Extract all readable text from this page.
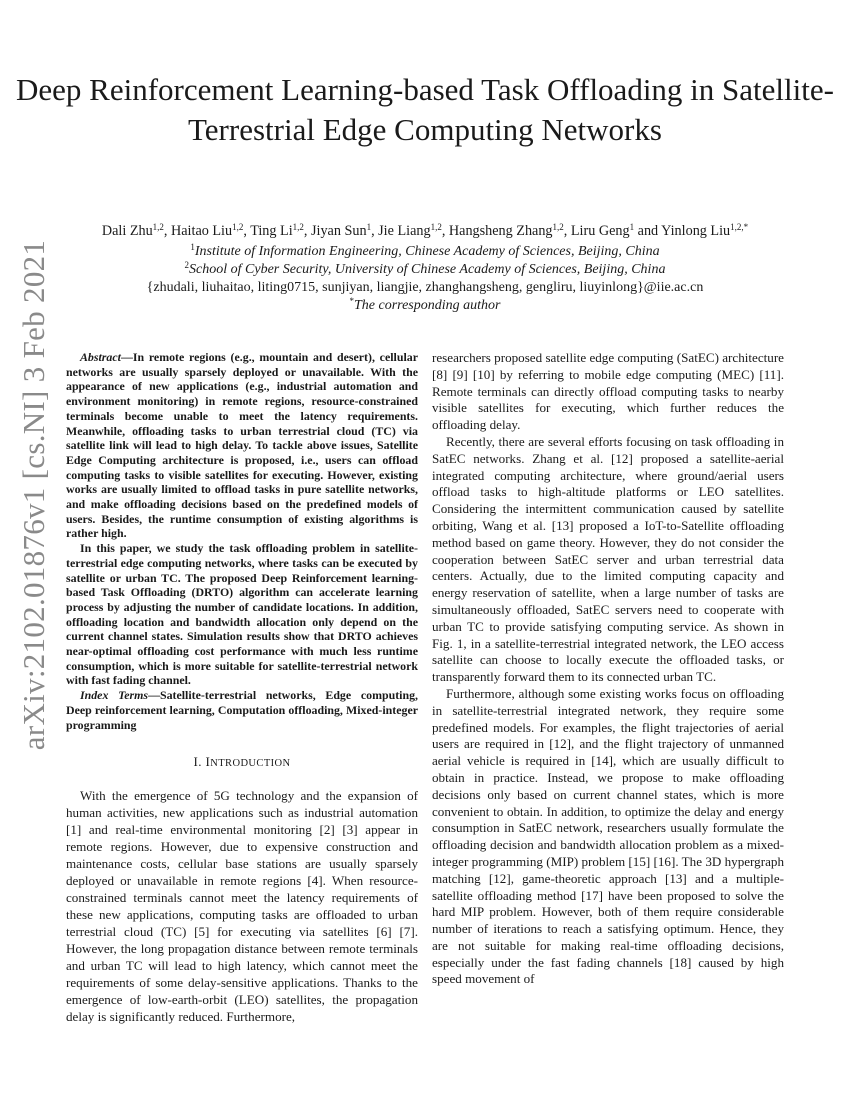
arXiv:2102.01876v1 [cs.NI] 3 Feb 2021
Deep Reinforcement Learning-based Task Offloading in Satellite-Terrestrial Edge Computing Networks
Dali Zhu$^{1,2}$, Haitao Liu$^{1,2}$, Ting Li$^{1,2}$, Jiyan Sun$^1$, Jie Liang$^{1,2}$, Hangsheng Zhang$^{1,2}$, Liru Geng$^1$ and Yinlong Liu$^{1,2,*}$
$^1$Institute of Information Engineering, Chinese Academy of Sciences, Beijing, China
$^2$School of Cyber Security, University of Chinese Academy of Sciences, Beijing, China
{zhudali, liuhaitao, liting0715, sunjiyan, liangjie, zhanghangsheng, gengliru, liuyinlong}@iie.ac.cn
*The corresponding author

Abstract—In remote regions (e.g., mountain and desert), cellular networks are usually sparsely deployed or unavailable. With the appearance of new applications (e.g., industrial automation and environment monitoring) in remote regions, resource-constrained terminals become unable to meet the latency requirements. Meanwhile, offloading tasks to urban terrestrial cloud (TC) via satellite link will lead to high delay. To tackle above issues, Satellite Edge Computing architecture is proposed, i.e., users can offload computing tasks to visible satellites for executing. However, existing works are usually limited to offload tasks in pure satellite networks, and make offloading decisions based on the predefined models of users. Besides, the runtime consumption of existing algorithms is rather high.

In this paper, we study the task offloading problem in satellite-terrestrial edge computing networks, where tasks can be executed by satellite or urban TC. The proposed Deep Reinforcement learning-based Task Offloading (DRTO) algorithm can accelerate learning process by adjusting the number of candidate locations. In addition, offloading location and bandwidth allocation only depend on the current channel states. Simulation results show that DRTO achieves near-optimal offloading cost performance with much less runtime consumption, which is more suitable for satellite-terrestrial network with fast fading channel.

Index Terms—Satellite-terrestrial networks, Edge computing, Deep reinforcement learning, Computation offloading, Mixed-integer programming

I. INTRODUCTION

With the emergence of 5G technology and the expansion of human activities, new applications such as industrial automation [1] and real-time environmental monitoring [2] [3] appear in remote regions. However, due to expensive construction and maintenance costs, cellular base stations are usually sparsely deployed or unavailable in remote regions [4]. When resource-constrained terminals cannot meet the latency requirements of these new applications, computing tasks are offloaded to urban terrestrial cloud (TC) [5] for executing via satellites [6] [7]. However, the long propagation distance between remote terminals and urban TC will lead to high latency, which cannot meet the requirements of some delay-sensitive applications. Thanks to the emergence of low-earth-orbit (LEO) satellites, the propagation delay is significantly reduced. Furthermore,

researchers proposed satellite edge computing (SatEC) architecture [8] [9] [10] by referring to mobile edge computing (MEC) [11]. Remote terminals can directly offload computing tasks to nearby visible satellites for executing, which further reduces the offloading delay.

Recently, there are several efforts focusing on task offloading in SatEC networks. Zhang et al. [12] proposed a satellite-aerial integrated computing architecture, where ground/aerial users offload tasks to high-altitude platforms or LEO satellites. Considering the intermittent communication caused by satellite orbiting, Wang et al. [13] proposed a IoT-to-Satellite offloading method based on game theory. However, they do not consider the cooperation between SatEC server and urban terrestrial data centers. Actually, due to the limited computing capacity and energy reservation of satellite, when a large number of tasks are simultaneously offloaded, SatEC servers need to cooperate with urban TC to provide satisfying computing service. As shown in Fig. 1, in a satellite-terrestrial integrated network, the LEO access satellite can choose to locally execute the offloaded tasks, or transparently forward them to its connected urban TC.

Furthermore, although some existing works focus on offloading in satellite-terrestrial integrated network, they require some predefined models. For examples, the flight trajectories of aerial users are required in [12], and the flight trajectory of unmanned aerial vehicle is required in [14], which are usually difficult to obtain in practice. Instead, we propose to make offloading decisions only based on current channel states, which is more convenient to obtain. In addition, to optimize the delay and energy consumption in SatEC network, researchers usually formulate the offloading decision and bandwidth allocation problem as a mixed-integer programming (MIP) problem [15] [16]. The 3D hypergraph matching [12], game-theoretic approach [13] and a multiple-satellite offloading method [17] have been proposed to solve the hard MIP problem. However, both of them require considerable number of iterations to reach a satisfying optimum. Hence, they are not suitable for making real-time offloading decisions, especially under the fast fading channels [18] caused by high speed movement of
